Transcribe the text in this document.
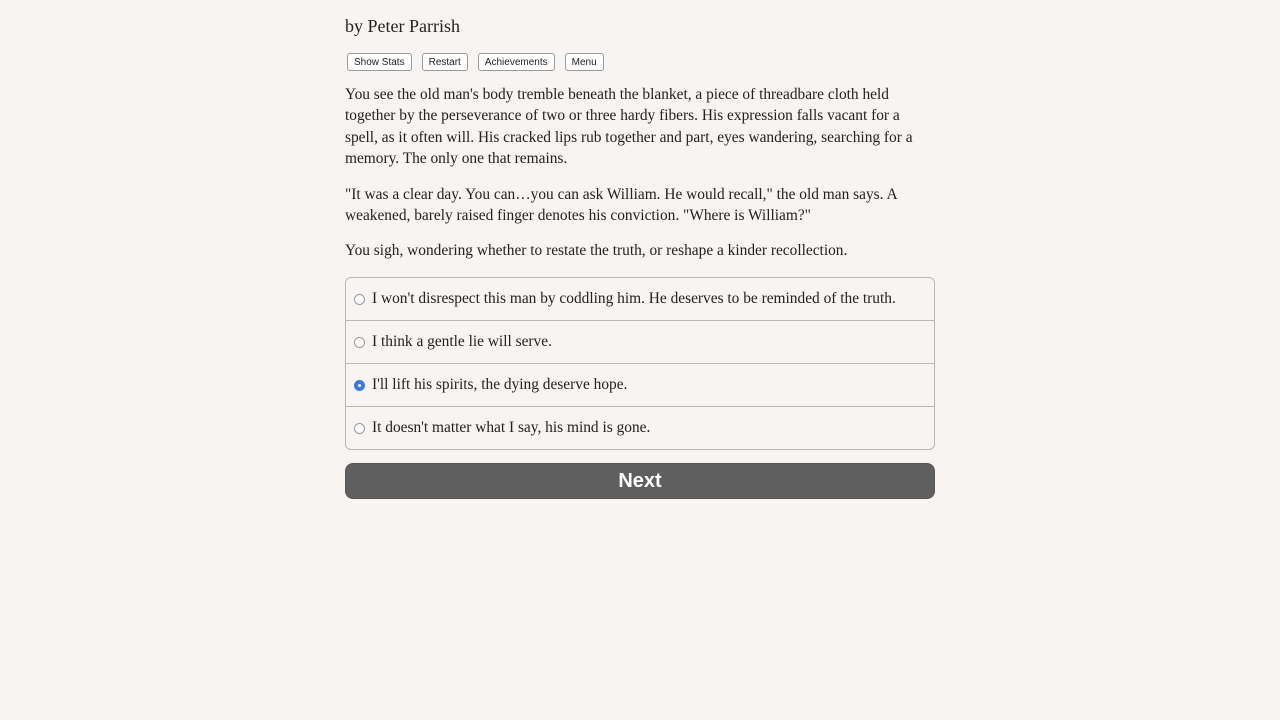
by Peter Parrish
Show Stats	Restart	Achievements	Menu

You see the old man's body tremble beneath the blanket, a piece of threadbare cloth held together by the perseverance of two or three hardy fibers. His expression falls vacant for a spell, as it often will. His cracked lips rub together and part, eyes wandering, searching for a memory. The only one that remains.

"It was a clear day. You can…you can ask William. He would recall," the old man says. A weakened, barely raised finger denotes his conviction. "Where is William?"

You sigh, wondering whether to restate the truth, or reshape a kinder recollection.

I won't disrespect this man by coddling him. He deserves to be reminded of the truth.
I think a gentle lie will serve.
I'll lift his spirits, the dying deserve hope.
It doesn't matter what I say, his mind is gone.
Next
